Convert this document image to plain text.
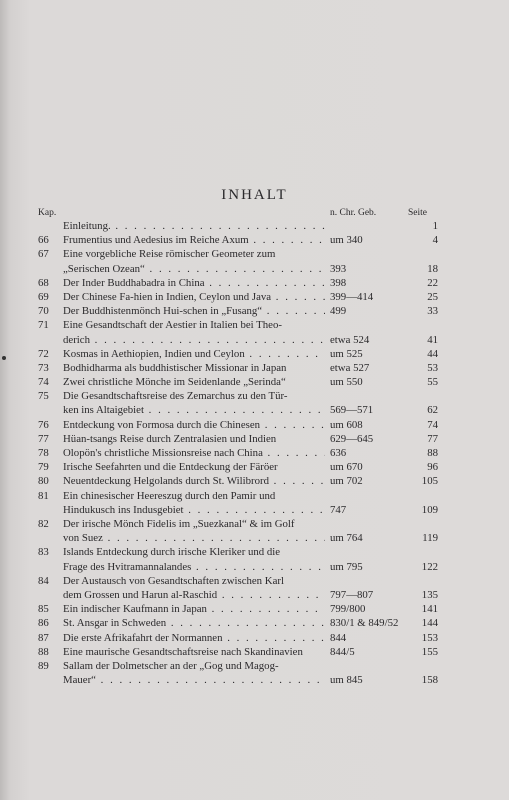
INHALT
Kap.	n. Chr. Geb.	Seite
Einleitung. . . .	1
66	Frumentius und Aedesius im Reiche Axum . . .	um 340	4
67	Eine vorgebliche Reise römischer Geometer zum
„Serischen Ozean“ . . .	393	18
68	Der Inder Buddhabadra in China . . .	398	22
69	Der Chinese Fa-hien in Indien, Ceylon und Java . . .	399—414	25
70	Der Buddhistenmönch Hui-schen in „Fusang“ . . .	499	33
71	Eine Gesandtschaft der Aestier in Italien bei Theo-
derich . . .	etwa 524	41
72	Kosmas in Aethiopien, Indien und Ceylon . . .	um 525	44
73	Bodhidharma als buddhistischer Missionar in Japan	etwa 527	53
74	Zwei christliche Mönche im Seidenlande „Serinda“	um 550	55
75	Die Gesandtschaftsreise des Zemarchus zu den Tür-
ken ins Altaigebiet . . .	569—571	62
76	Entdeckung von Formosa durch die Chinesen . . .	um 608	74
77	Hüan-tsangs Reise durch Zentralasien und Indien	629—645	77
78	Olopön's christliche Missionsreise nach China . . .	636	88
79	Irische Seefahrten und die Entdeckung der Färöer	um 670	96
80	Neuentdeckung Helgolands durch St. Wilibrord . . .	um 702	105
81	Ein chinesischer Heereszug durch den Pamir und
Hindukusch ins Indusgebiet . . .	747	109
82	Der irische Mönch Fidelis im „Suezkanal“ & im Golf
von Suez . . .	um 764	119
83	Islands Entdeckung durch irische Kleriker und die
Frage des Hvitramannalandes . . .	um 795	122
84	Der Austausch von Gesandtschaften zwischen Karl
dem Grossen und Harun al-Raschid . . .	797—807	135
85	Ein indischer Kaufmann in Japan . . .	799/800	141
86	St. Ansgar in Schweden . . .	830/1 & 849/52	144
87	Die erste Afrikafahrt der Normannen . . .	844	153
88	Eine maurische Gesandtschaftsreise nach Skandinavien	844/5	155
89	Sallam der Dolmetscher an der „Gog und Magog-
Mauer“ . . .	um 845	158
